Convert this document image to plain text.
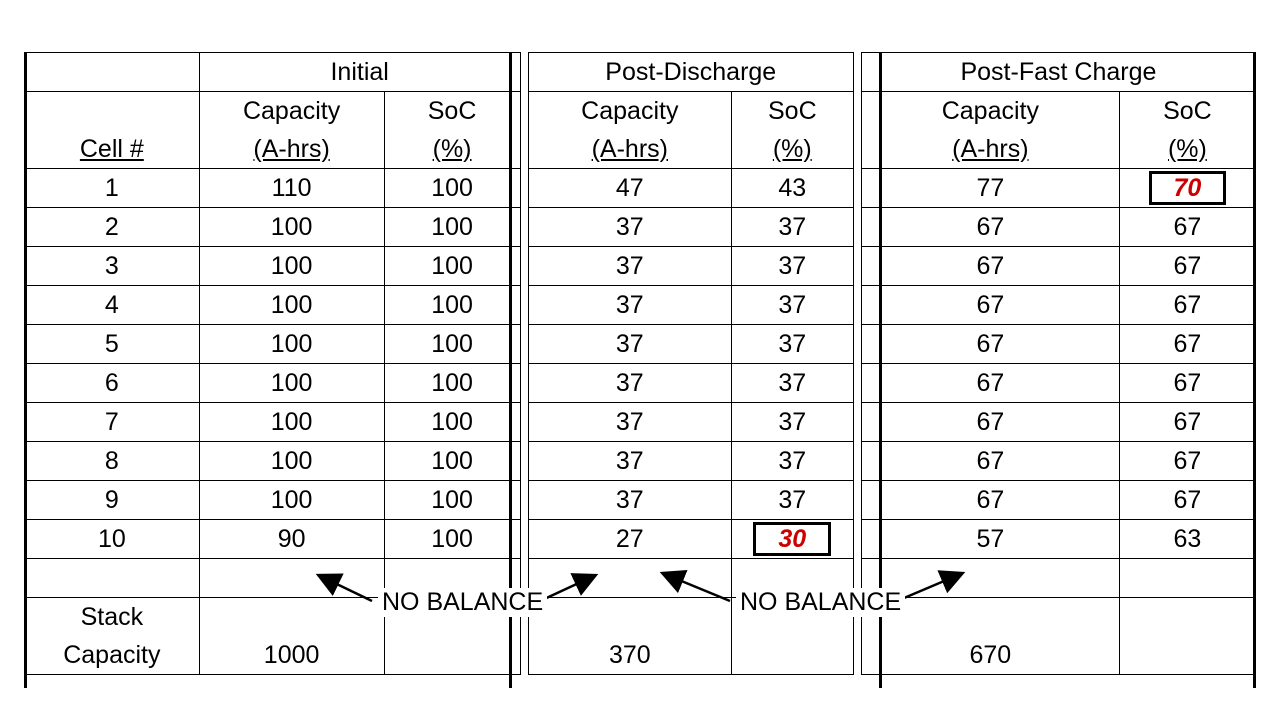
	Initial			Post-Discharge			Post-Fast Charge	
	Capacity	SoC		Capacity	SoC		Capacity	SoC
Cell #	(A-hrs)	(%)		(A-hrs)	(%)		(A-hrs)	(%)
1	110	100		47	43		77	70
2	100	100		37	37		67	67
3	100	100		37	37		67	67
4	100	100		37	37		67	67
5	100	100		37	37		67	67
6	100	100		37	37		67	67
7	100	100		37	37		67	67
8	100	100		37	37		67	67
9	100	100		37	37		67	67
10	90	100		27	30		57	63

Stack								
Capacity	1000			370			670	
NO BALANCE	NO BALANCE
